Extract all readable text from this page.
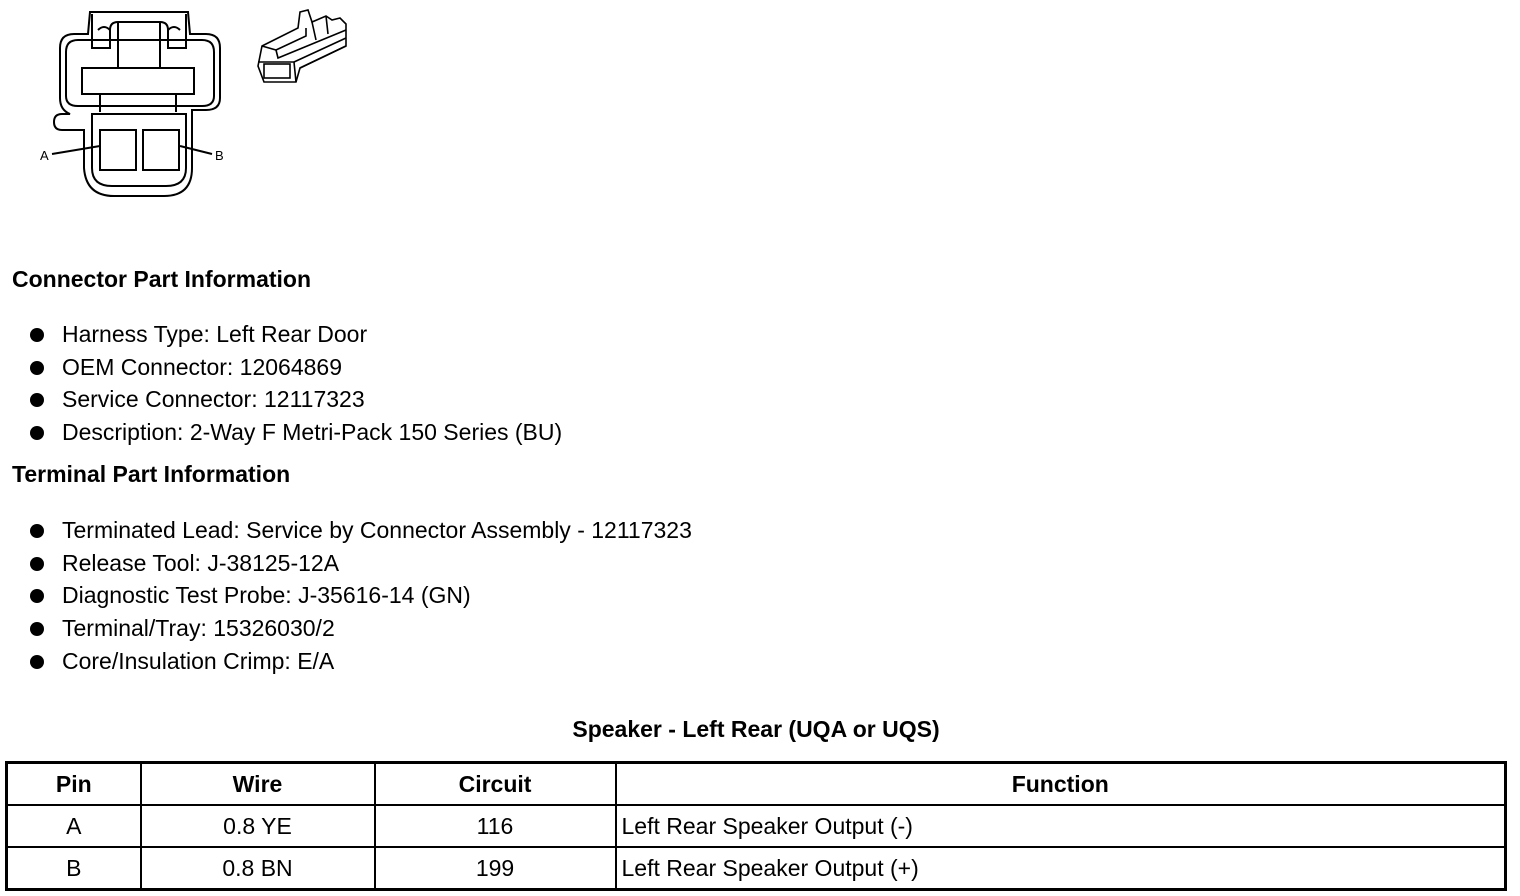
A	B
Connector Part Information
Harness Type: Left Rear Door
OEM Connector: 12064869
Service Connector: 12117323
Description: 2-Way F Metri-Pack 150 Series (BU)
Terminal Part Information
Terminated Lead: Service by Connector Assembly - 12117323
Release Tool: J-38125-12A
Diagnostic Test Probe: J-35616-14 (GN)
Terminal/Tray: 15326030/2
Core/Insulation Crimp: E/A
Speaker - Left Rear (UQA or UQS)
Pin	Wire	Circuit	Function
A	0.8 YE	116	Left Rear Speaker Output (-)
B	0.8 BN	199	Left Rear Speaker Output (+)
